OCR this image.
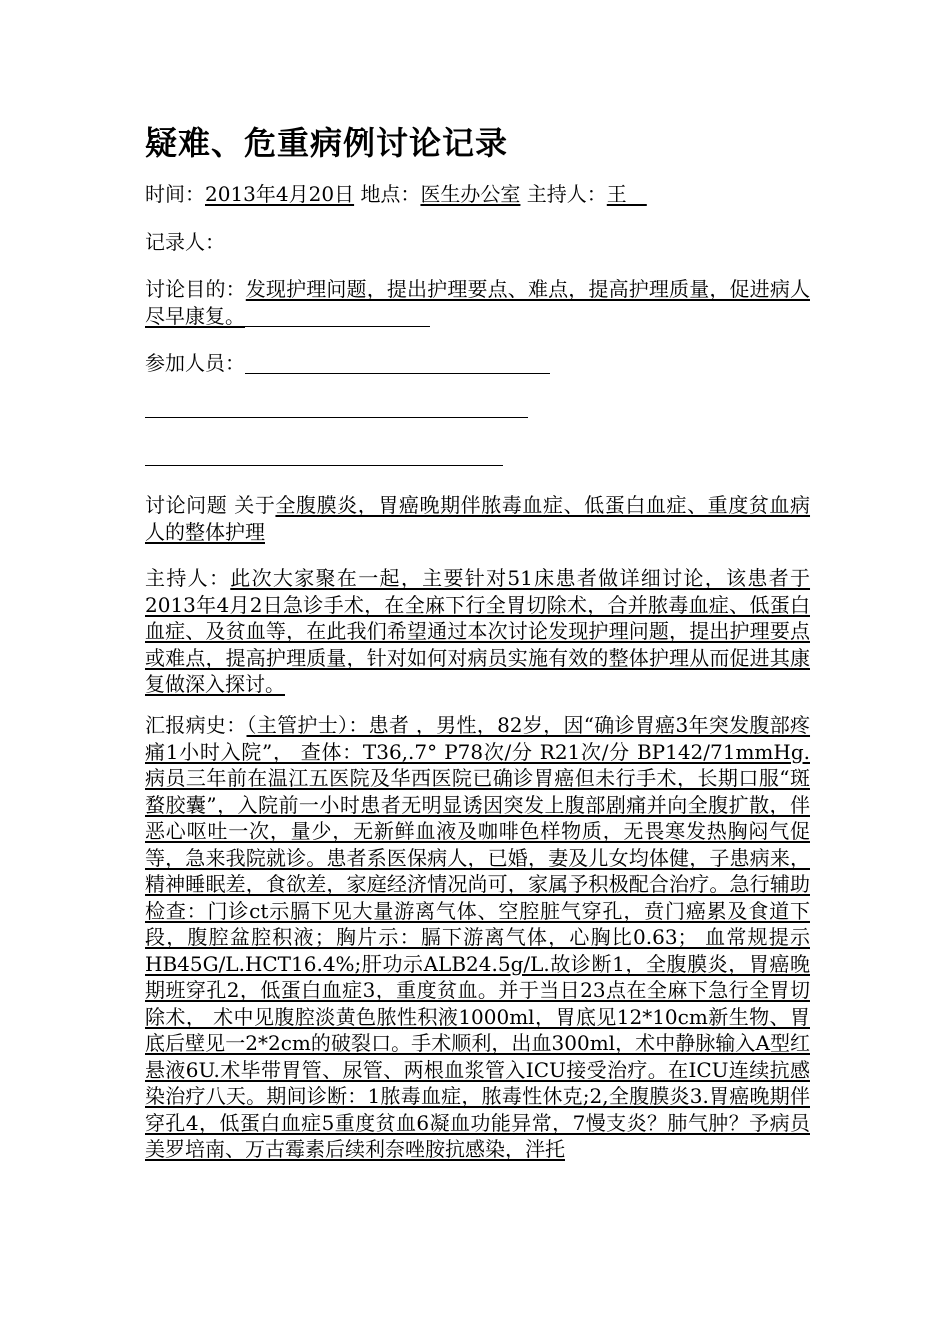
疑难、危重病例讨论记录
时间：2013年4月20日 地点：医生办公室 主持人：王　
记录人：
讨论目的：发现护理问题，提出护理要点、难点，提高护理质量，促进病人尽早康复。
参加人员：
讨论问题 关于全腹膜炎，胃癌晚期伴脓毒血症、低蛋白血症、重度贫血病人的整体护理
主持人：此次大家聚在一起，主要针对51床患者做详细讨论，该患者于2013年4月2日急诊手术，在全麻下行全胃切除术，合并脓毒血症、低蛋白血症、及贫血等，在此我们希望通过本次讨论发现护理问题，提出护理要点或难点，提高护理质量，针对如何对病员实施有效的整体护理从而促进其康复做深入探讨。
汇报病史：（主管护士）：患者 ，男性，82岁，因“确诊胃癌3年突发腹部疼痛1小时入院”， 查体：T36,.7° P78次/分 R21次/分 BP142/71mmHg.病员三年前在温江五医院及华西医院已确诊胃癌但未行手术，长期口服“斑蝥胶囊”，入院前一小时患者无明显诱因突发上腹部剧痛并向全腹扩散，伴恶心呕吐一次，量少，无新鲜血液及咖啡色样物质，无畏寒发热胸闷气促等，急来我院就诊。患者系医保病人，已婚，妻及儿女均体健，子患病来，精神睡眠差，食欲差，家庭经济情况尚可，家属予积极配合治疗。急行辅助检查：门诊ct示膈下见大量游离气体、空腔脏气穿孔，贲门癌累及食道下段，腹腔盆腔积液；胸片示：膈下游离气体，心胸比0.63； 血常规提示HB45G/L.HCT16.4%;肝功示ALB24.5g/L.故诊断1，全腹膜炎，胃癌晚期班穿孔2，低蛋白血症3，重度贫血。并于当日23点在全麻下急行全胃切除术， 术中见腹腔淡黄色脓性积液1000ml，胃底见12*10cm新生物、胃底后壁见一2*2cm的破裂口。手术顺利，出血300ml，术中静脉输入A型红悬液6U.术毕带胃管、尿管、两根血浆管入ICU接受治疗。在ICU连续抗感染治疗八天。期间诊断：1脓毒血症，脓毒性休克;2,全腹膜炎3.胃癌晚期伴穿孔4，低蛋白血症5重度贫血6凝血功能异常，7慢支炎？肺气肿？予病员美罗培南、万古霉素后续利奈唑胺抗感染，泮托
